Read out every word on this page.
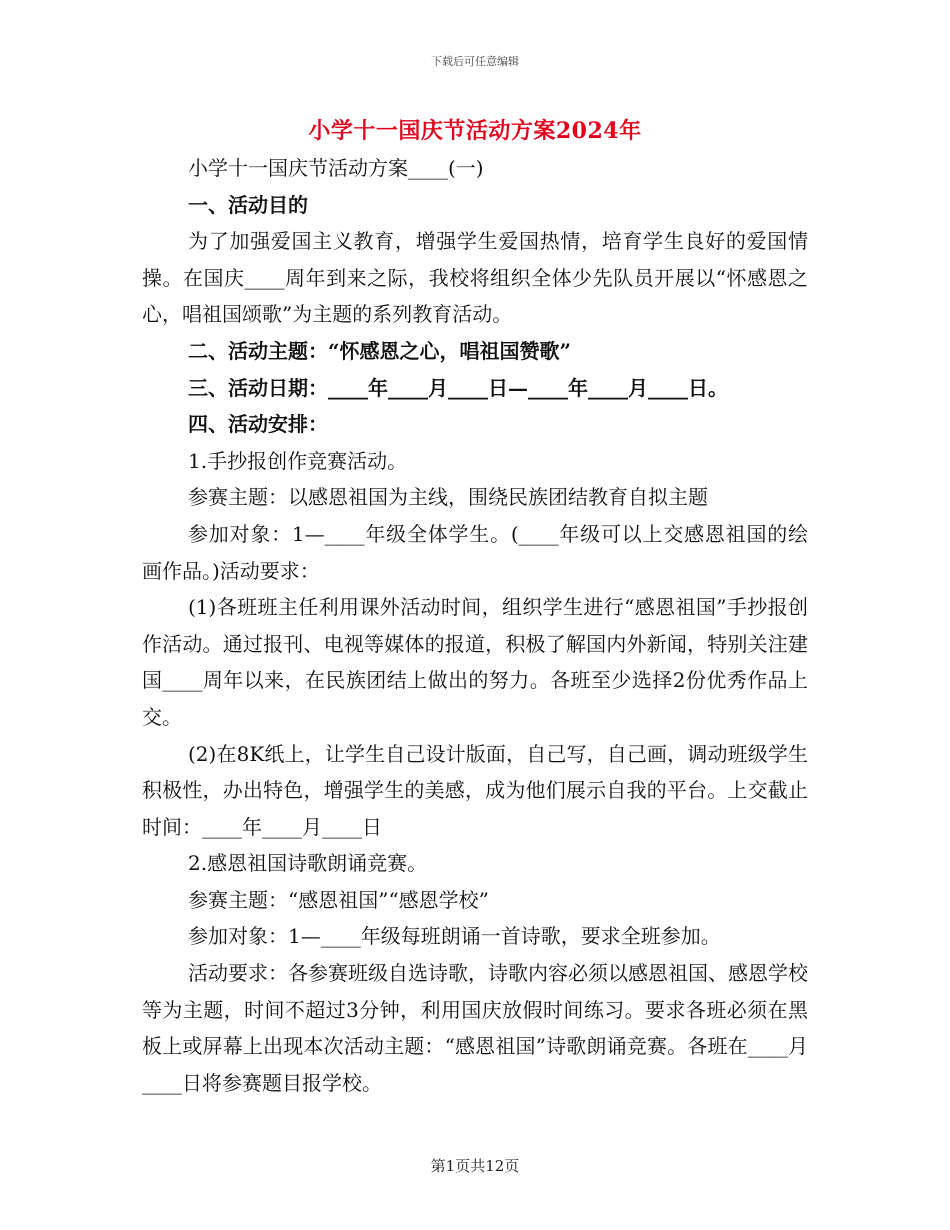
下载后可任意编辑
小学十一国庆节活动方案2024年

小学十一国庆节活动方案____(一)

一、活动目的

为了加强爱国主义教育，增强学生爱国热情，培育学生良好的爱国情操。在国庆____周年到来之际，我校将组织全体少先队员开展以“怀感恩之心，唱祖国颂歌”为主题的系列教育活动。

二、活动主题：“怀感恩之心，唱祖国赞歌”

三、活动日期：____年____月____日—____年____月____日。

四、活动安排：

1.手抄报创作竞赛活动。

参赛主题：以感恩祖国为主线，围绕民族团结教育自拟主题

参加对象：1—____年级全体学生。(____年级可以上交感恩祖国的绘画作品。)活动要求：

(1)各班班主任利用课外活动时间，组织学生进行“感恩祖国”手抄报创作活动。通过报刊、电视等媒体的报道，积极了解国内外新闻，特别关注建国____周年以来，在民族团结上做出的努力。各班至少选择2份优秀作品上交。

(2)在8K纸上，让学生自己设计版面，自己写，自己画，调动班级学生积极性，办出特色，增强学生的美感，成为他们展示自我的平台。上交截止时间：____年____月____日

2.感恩祖国诗歌朗诵竞赛。

参赛主题：“感恩祖国”“感恩学校”

参加对象：1—____年级每班朗诵一首诗歌，要求全班参加。

活动要求：各参赛班级自选诗歌，诗歌内容必须以感恩祖国、感恩学校等为主题，时间不超过3分钟，利用国庆放假时间练习。要求各班必须在黑板上或屏幕上出现本次活动主题：“感恩祖国”诗歌朗诵竞赛。各班在____月____日将参赛题目报学校。

第1页共12页
